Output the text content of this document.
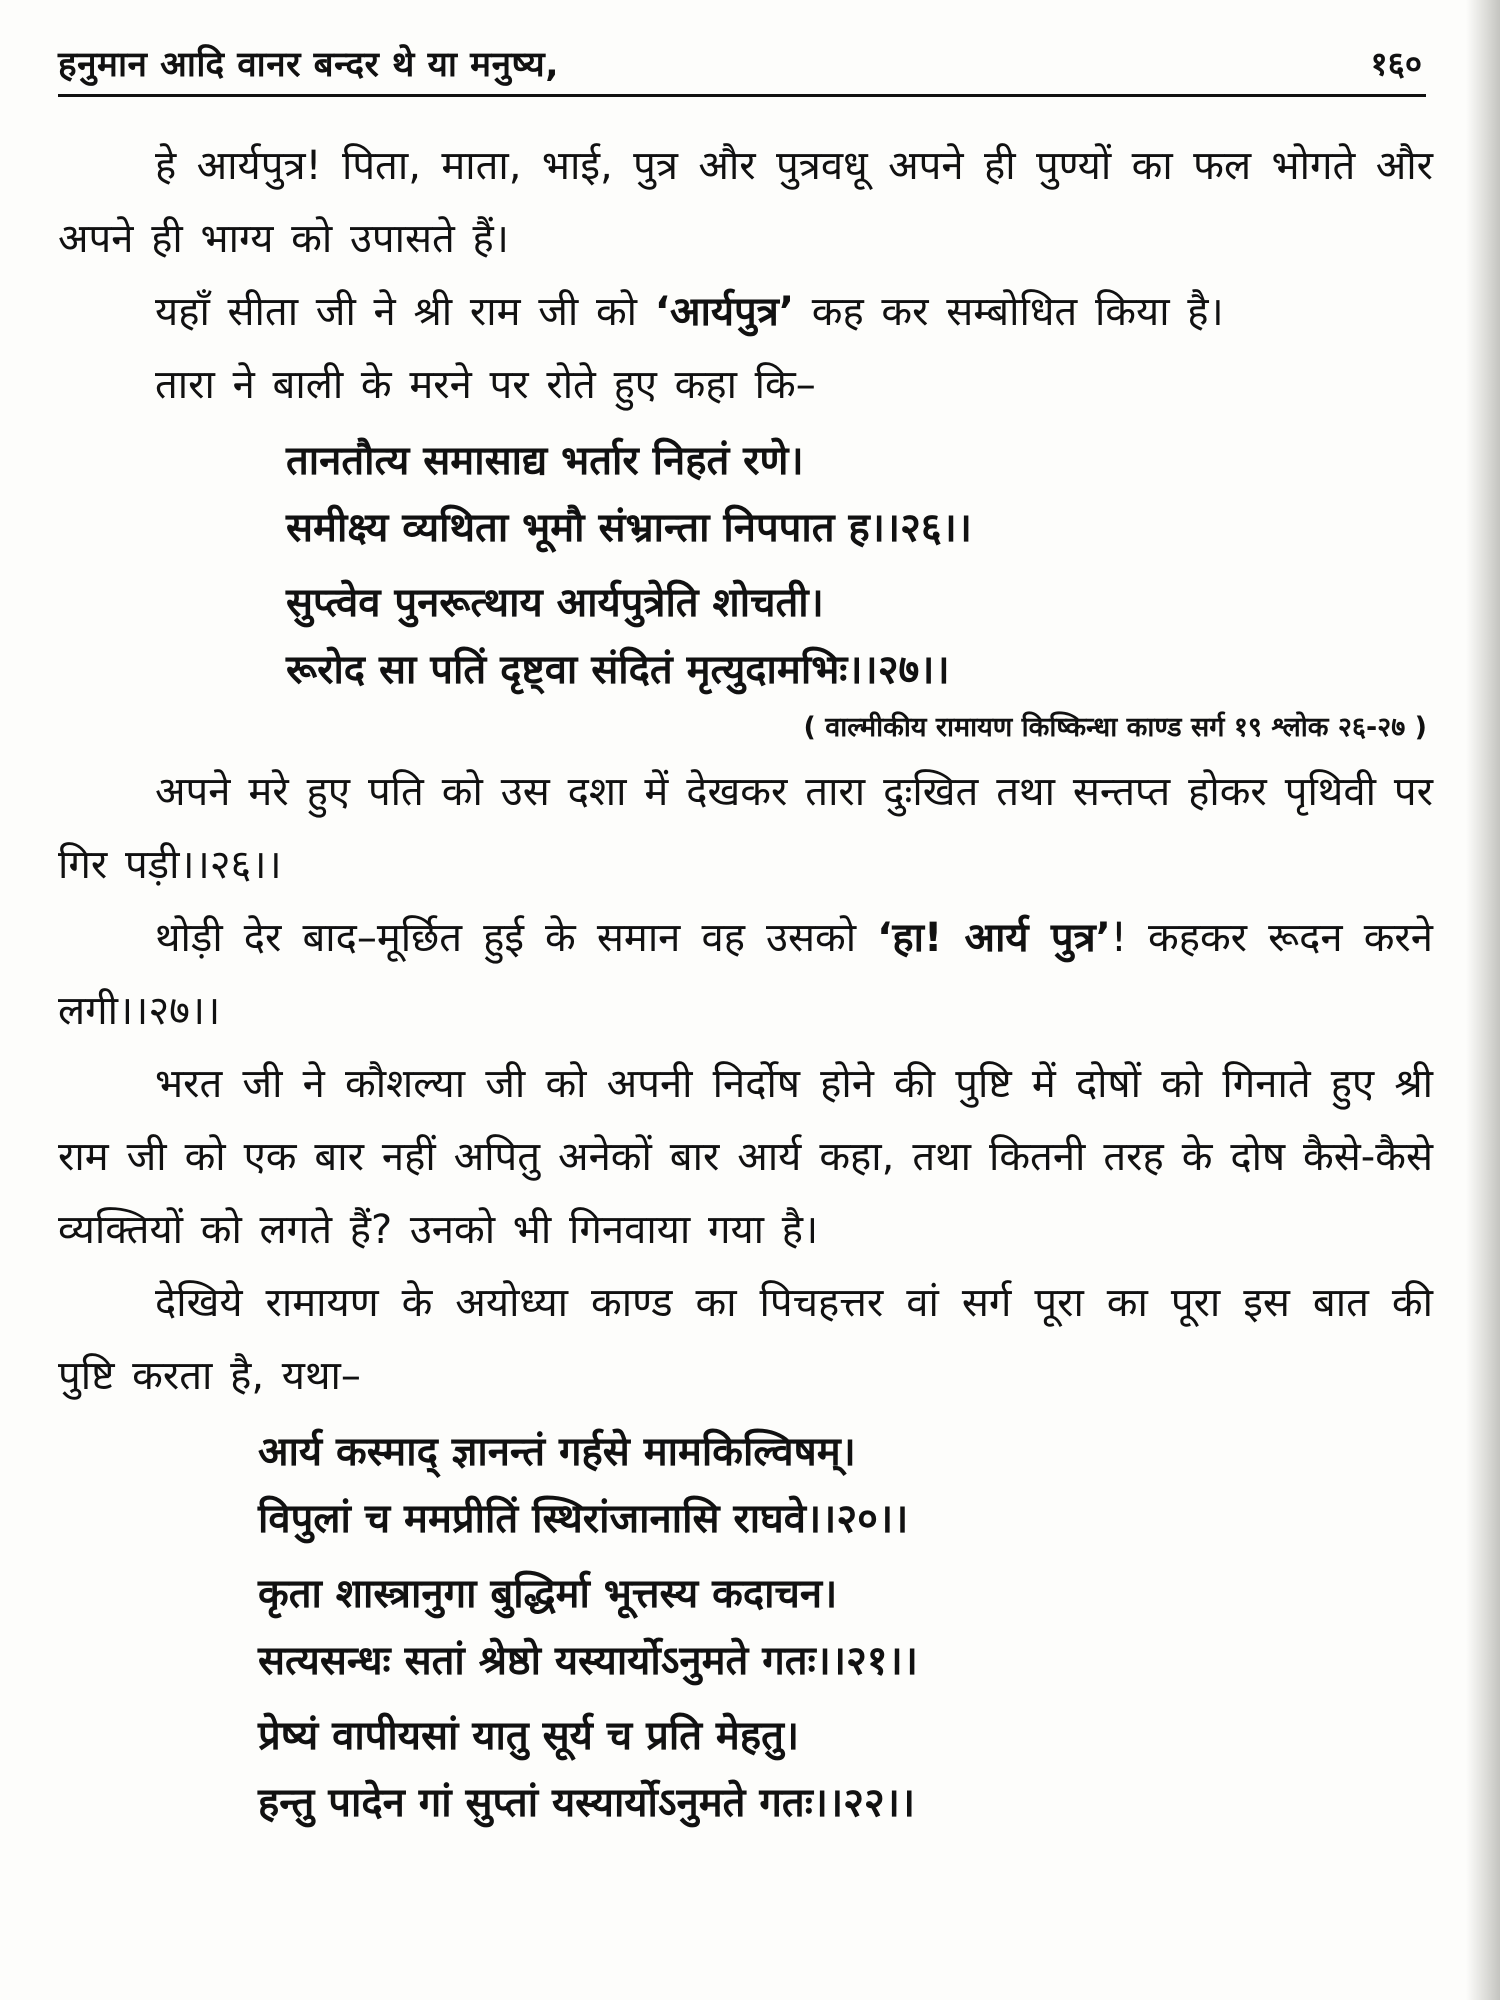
हनुमान आदि वानर बन्दर थे या मनुष्य,	१६०

हे आर्यपुत्र! पिता, माता, भाई, पुत्र और पुत्रवधू अपने ही पुण्यों का फल भोगते और अपने ही भाग्य को उपासते हैं।

यहाँ सीता जी ने श्री राम जी को ‘आर्यपुत्र’ कह कर सम्बोधित किया है।

तारा ने बाली के मरने पर रोते हुए कहा कि–

तानतौत्य समासाद्य भर्तार निहतं रणे।

समीक्ष्य व्यथिता भूमौ संभ्रान्ता निपपात ह।।२६।।

सुप्त्वेव पुनरूत्थाय आर्यपुत्रेति शोचती।

रूरोद सा पतिं दृष्ट्वा संदितं मृत्युदामभिः।।२७।।

( वाल्मीकीय रामायण किष्किन्धा काण्ड सर्ग १९ श्लोक २६-२७ )

अपने मरे हुए पति को उस दशा में देखकर तारा दुःखित तथा सन्तप्त होकर पृथिवी पर गिर पड़ी।।२६।।

थोड़ी देर बाद–मूर्छित हुई के समान वह उसको ‘हा! आर्य पुत्र’! कहकर रूदन करने लगी।।२७।।

भरत जी ने कौशल्या जी को अपनी निर्दोष होने की पुष्टि में दोषों को गिनाते हुए श्री राम जी को एक बार नहीं अपितु अनेकों बार आर्य कहा, तथा कितनी तरह के दोष कैसे-कैसे व्यक्तियों को लगते हैं? उनको भी गिनवाया गया है।

देखिये रामायण के अयोध्या काण्ड का पिचहत्तर वां सर्ग पूरा का पूरा इस बात की पुष्टि करता है, यथा–

आर्य कस्माद् ज्ञानन्तं गर्हसे मामकिल्विषम्।

विपुलां च ममप्रीतिं स्थिरांजानासि राघवे।।२०।।

कृता शास्त्रानुगा बुद्धिर्मा भूत्तस्य कदाचन।

सत्यसन्धः सतां श्रेष्ठो यस्यार्योऽनुमते गतः।।२१।।

प्रेष्यं वापीयसां यातु सूर्य च प्रति मेहतु।

हन्तु पादेन गां सुप्तां यस्यार्योऽनुमते गतः।।२२।।
